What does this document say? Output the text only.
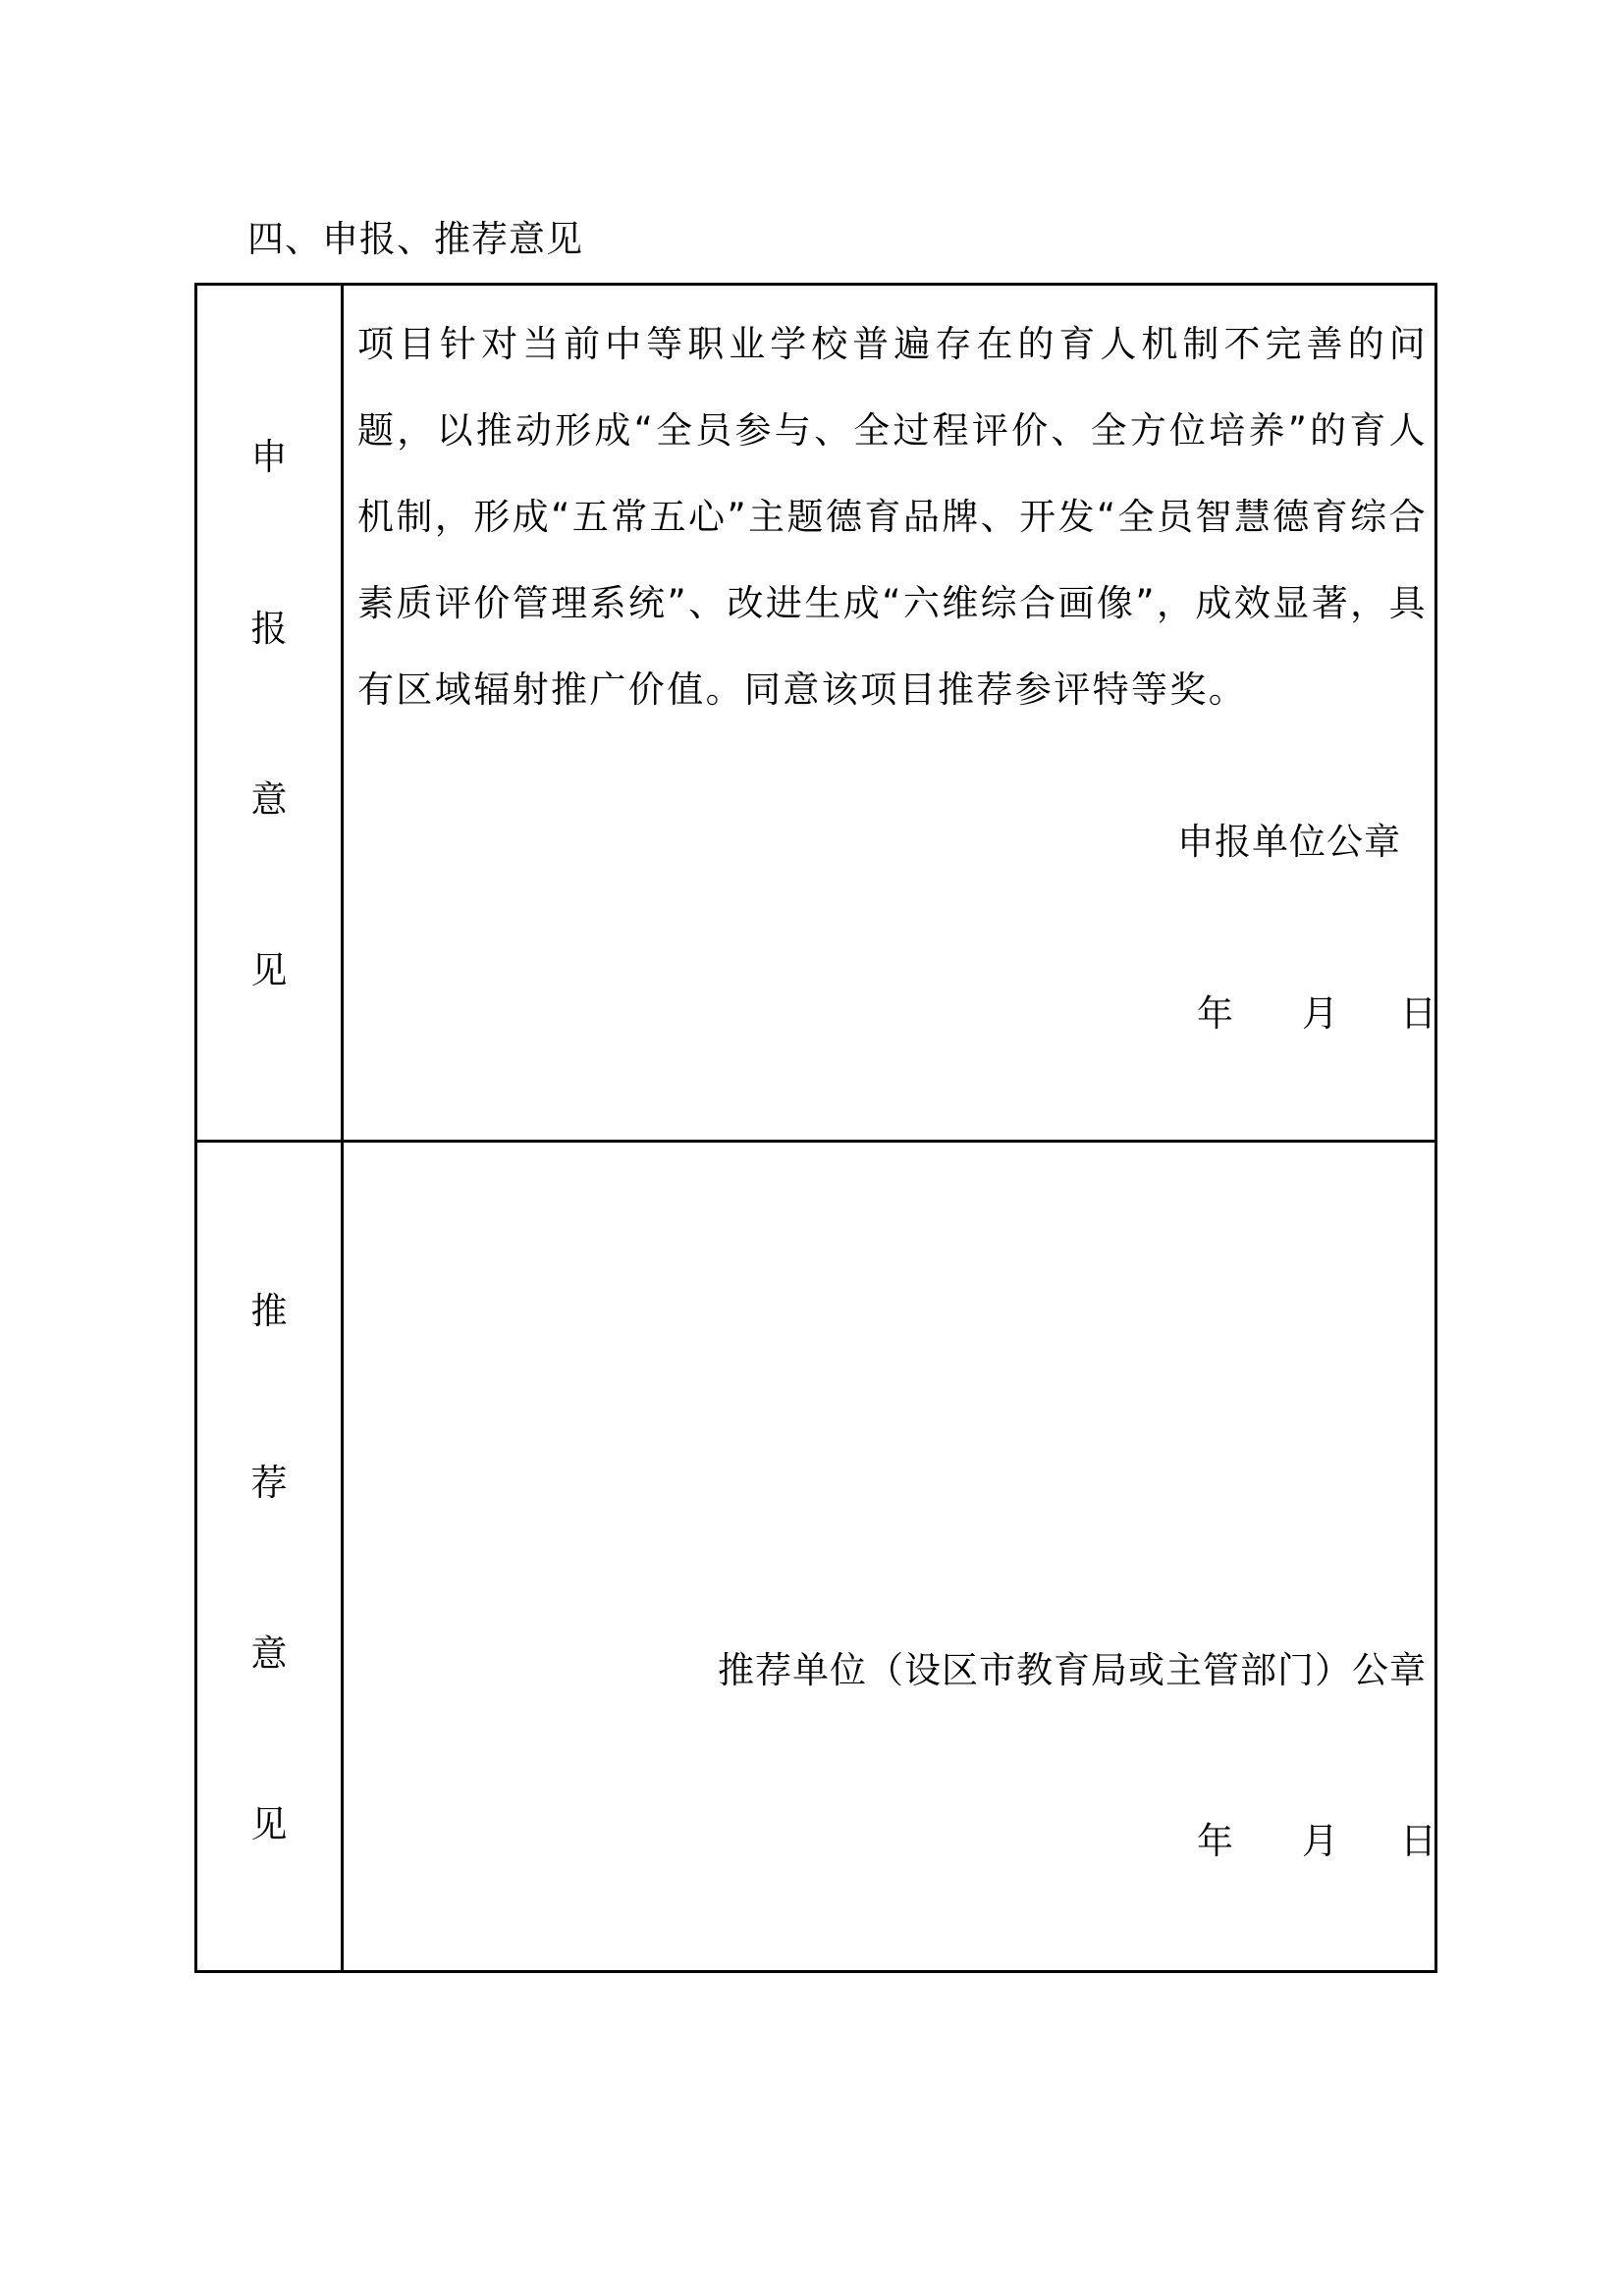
四、申报、推荐意见
申
报
意
见
项目针对当前中等职业学校普遍存在的育人机制不完善的问题，以推动形成“全员参与、全过程评价、全方位培养”的育人机制，形成“五常五心”主题德育品牌、开发“全员智慧德育综合素质评价管理系统”、改进生成“六维综合画像”，成效显著，具有区域辐射推广价值。同意该项目推荐参评特等奖。
申报单位公章
年 月 日
推
荐
意
见
推荐单位（设区市教育局或主管部门）公章
年 月 日
